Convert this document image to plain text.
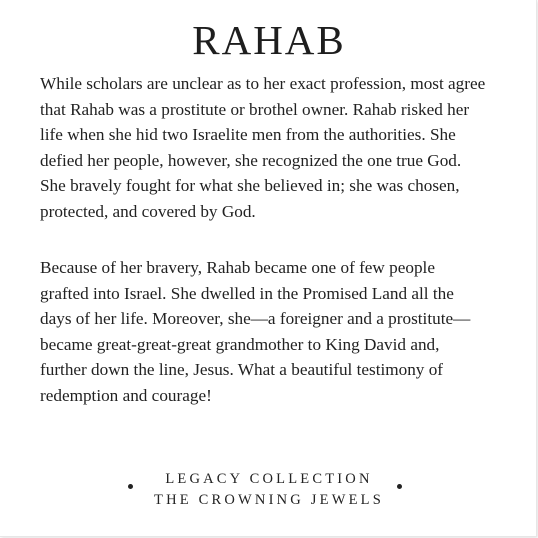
RAHAB

While scholars are unclear as to her exact profession, most agree
that Rahab was a prostitute or brothel owner. Rahab risked her
life when she hid two Israelite men from the authorities. She
defied her people, however, she recognized the one true God.
She bravely fought for what she believed in; she was chosen,
protected, and covered by God.

Because of her bravery, Rahab became one of few people
grafted into Israel. She dwelled in the Promised Land all the
days of her life. Moreover, she—a foreigner and a prostitute—
became great-great-great grandmother to King David and,
further down the line, Jesus. What a beautiful testimony of
redemption and courage!

LEGACY COLLECTION
THE CROWNING JEWELS
